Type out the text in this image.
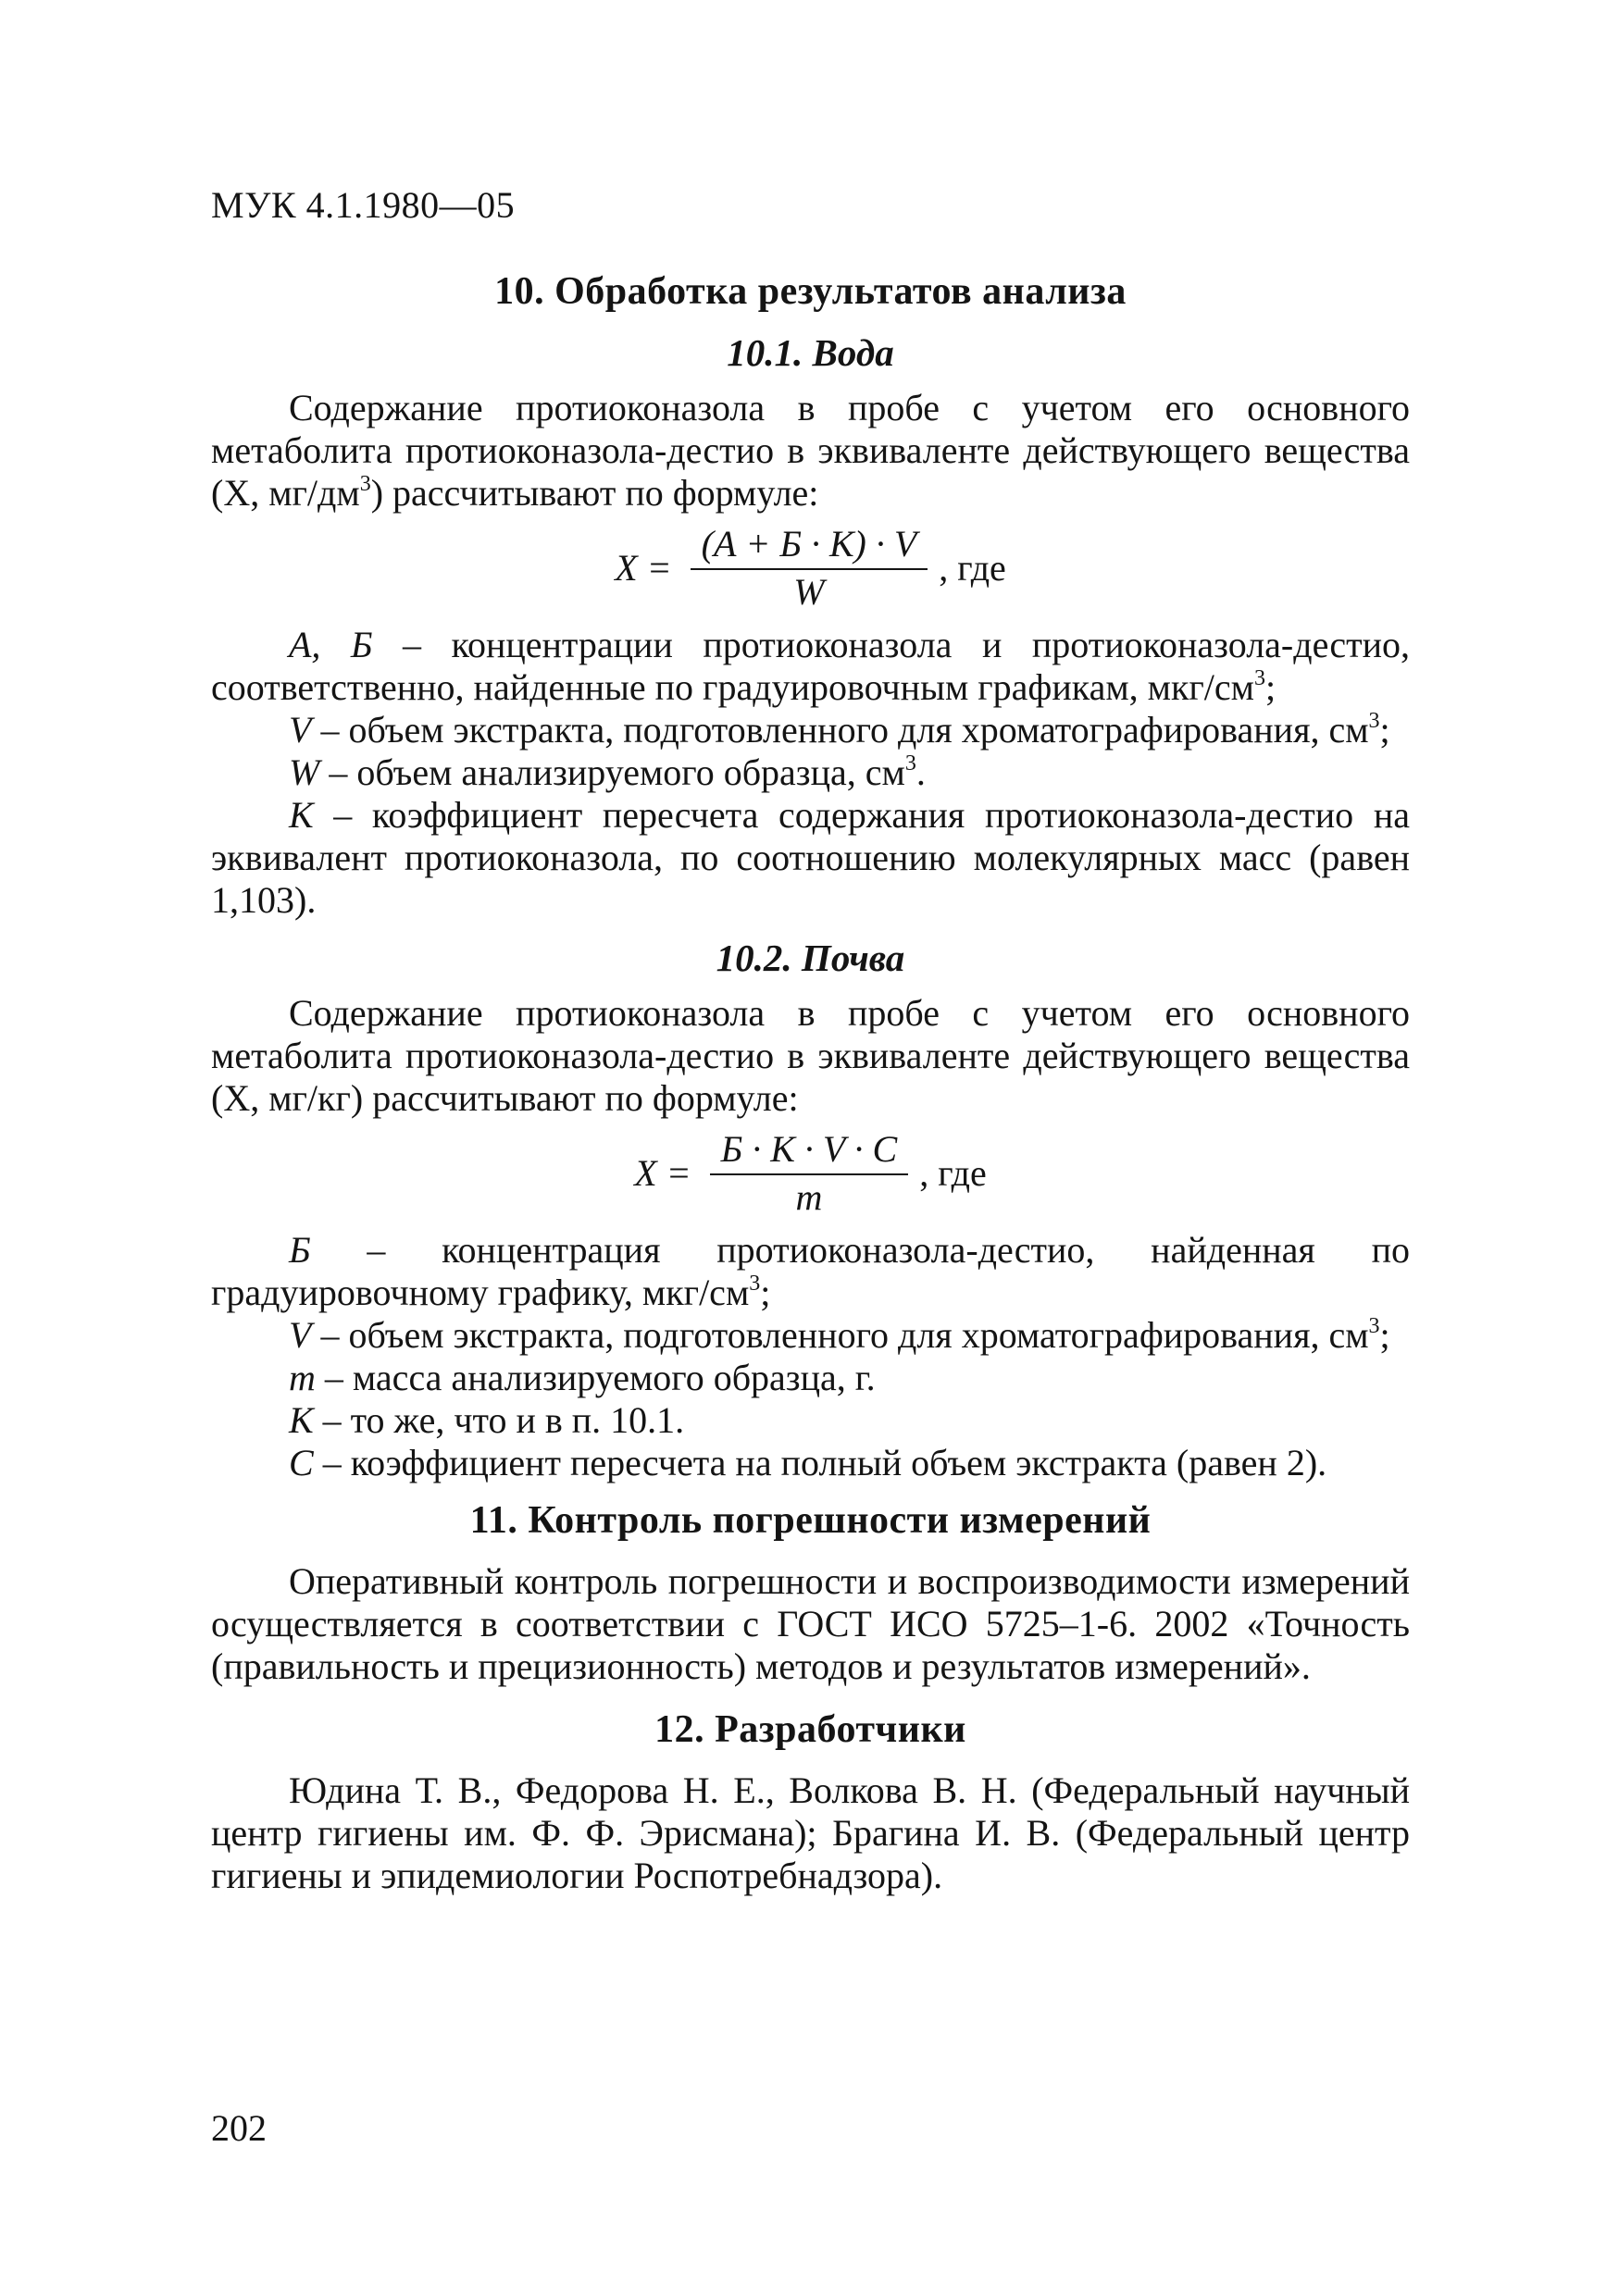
МУК 4.1.1980—05
10. Обработка результатов анализа
10.1. Вода

Содержание протиоконазола в пробе с учетом его основного метаболита протиоконазола-дестио в эквиваленте действующего вещества (X, $мг/дм^3$) рассчитывают по формуле:

$X = \frac{(А + Б \cdot К) \cdot V}{W}$ , где

А, Б – концентрации протиоконазола и протиоконазола-дестио, соответственно, найденные по градуировочным графикам, мкг/$см^3$;

V – объем экстракта, подготовленного для хроматографирования, $см^3$;

W – объем анализируемого образца, $см^3$.

К – коэффициент пересчета содержания протиоконазола-дестио на эквивалент протиоконазола, по соотношению молекулярных масс (равен 1,103).

10.2. Почва

Содержание протиоконазола в пробе с учетом его основного метаболита протиоконазола-дестио в эквиваленте действующего вещества (X, мг/кг) рассчитывают по формуле:

$X = \frac{Б \cdot К \cdot V \cdot С}{m}$ , где

Б – концентрация протиоконазола-дестио, найденная по градуировочному графику, мкг/$см^3$;

V – объем экстракта, подготовленного для хроматографирования, $см^3$;

m – масса анализируемого образца, г.

К – то же, что и в п. 10.1.

С – коэффициент пересчета на полный объем экстракта (равен 2).

11. Контроль погрешности измерений

Оперативный контроль погрешности и воспроизводимости измерений осуществляется в соответствии с ГОСТ ИСО 5725–1-6. 2002 «Точность (правильность и прецизионность) методов и результатов измерений».

12. Разработчики

Юдина Т. В., Федорова Н. Е., Волкова В. Н. (Федеральный научный центр гигиены им. Ф. Ф. Эрисмана); Брагина И. В. (Федеральный центр гигиены и эпидемиологии Роспотребнадзора).

202
